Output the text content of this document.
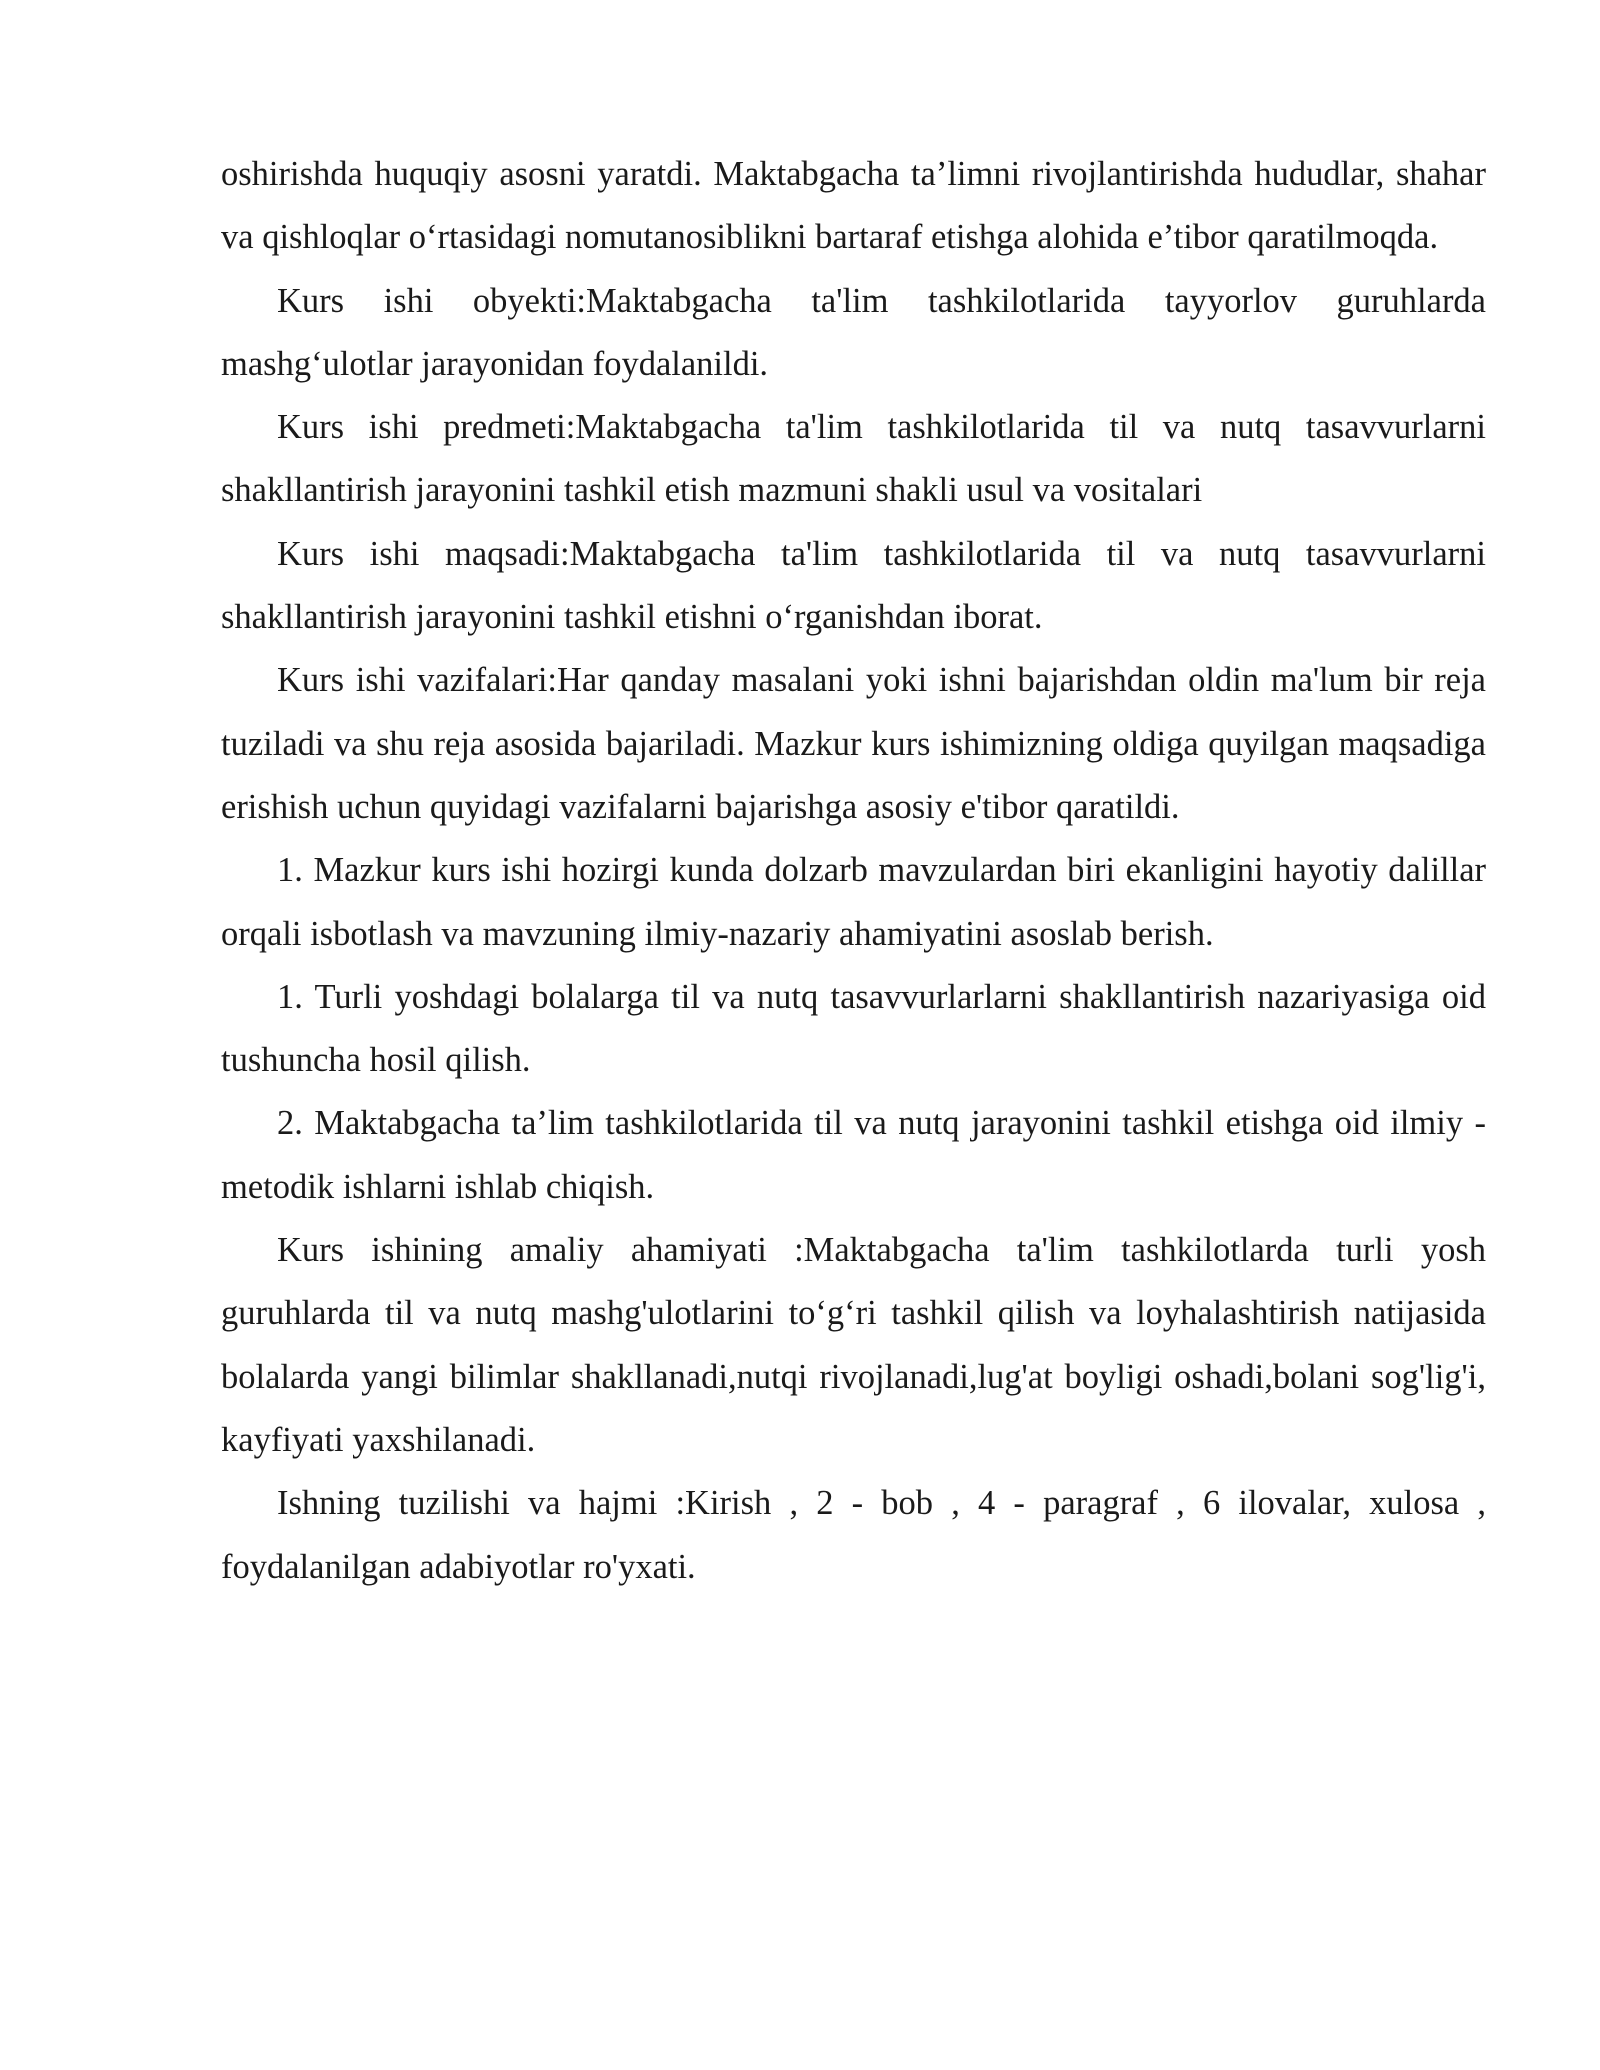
oshirishda huquqiy asosni yaratdi. Maktabgacha ta’limni rivojlantirishda hududlar, shahar va qishloqlar o‘rtasidagi nomutanosiblikni bartaraf etishga alohida e’tibor qaratilmoqda.

Kurs ishi obyekti:Maktabgacha ta'lim tashkilotlarida tayyorlov guruhlarda mashg‘ulotlar jarayonidan foydalanildi.

Kurs ishi predmeti:Maktabgacha ta'lim tashkilotlarida til va nutq tasavvurlarni shakllantirish jarayonini tashkil etish mazmuni shakli usul va vositalari

Kurs ishi maqsadi:Maktabgacha ta'lim tashkilotlarida til va nutq tasavvurlarni shakllantirish jarayonini tashkil etishni o‘rganishdan iborat.

Kurs ishi vazifalari:Har qanday masalani yoki ishni bajarishdan oldin ma'lum bir reja tuziladi va shu reja asosida bajariladi. Mazkur kurs ishimizning oldiga quyilgan maqsadiga erishish uchun quyidagi vazifalarni bajarishga asosiy e'tibor qaratildi.

1. Mazkur kurs ishi hozirgi kunda dolzarb mavzulardan biri ekanligini hayotiy dalillar orqali isbotlash va mavzuning ilmiy-nazariy ahamiyatini asoslab berish.

1. Turli yoshdagi bolalarga til va nutq tasavvurlarlarni shakllantirish nazariyasiga oid tushuncha hosil qilish.

2. Maktabgacha ta’lim tashkilotlarida til va nutq jarayonini tashkil etishga oid ilmiy - metodik ishlarni ishlab chiqish.

Kurs ishining amaliy ahamiyati :Maktabgacha ta'lim tashkilotlarda turli yosh guruhlarda til va nutq mashg'ulotlarini to‘g‘ri tashkil qilish va loyhalashtirish natijasida bolalarda yangi bilimlar shakllanadi,nutqi rivojlanadi,lug'at boyligi oshadi,bolani sog'lig'i, kayfiyati yaxshilanadi.

Ishning tuzilishi va hajmi :Kirish , 2 - bob , 4 - paragraf , 6 ilovalar, xulosa , foydalanilgan adabiyotlar ro'yxati.
